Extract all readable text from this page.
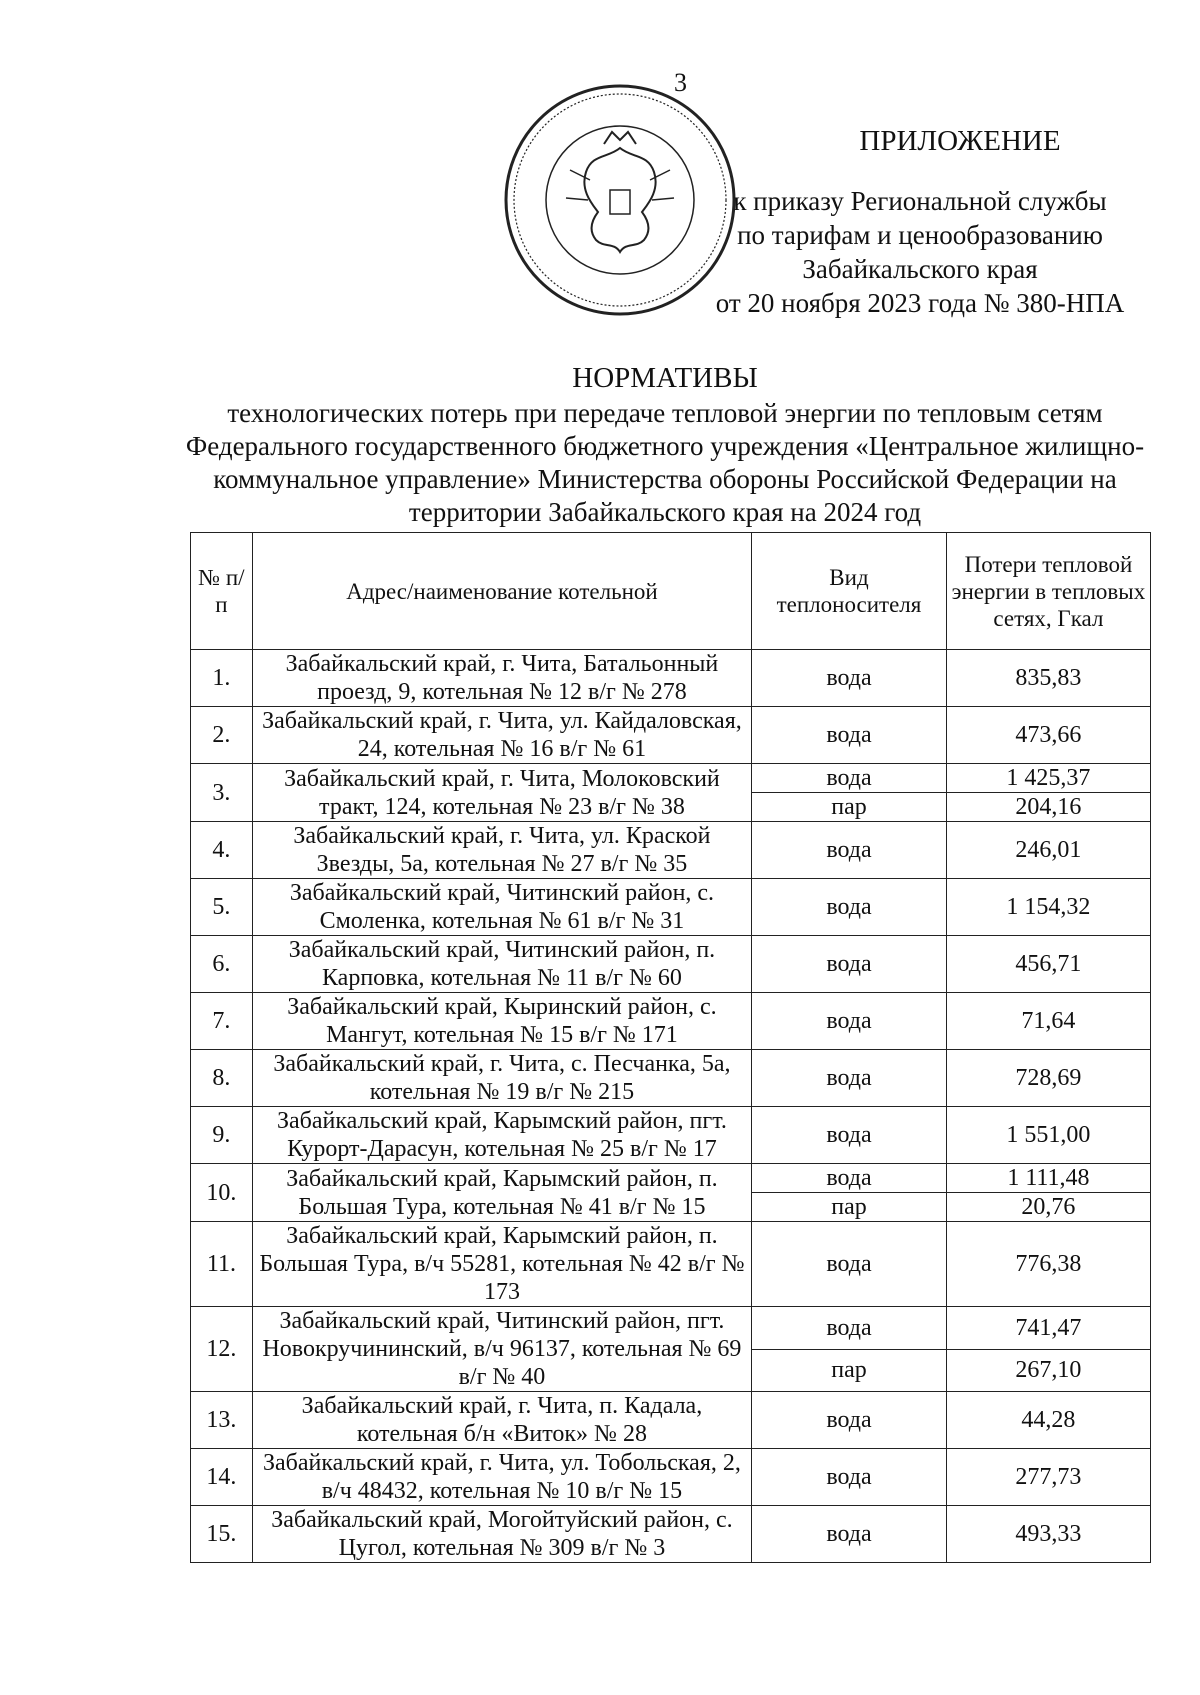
3
ПРИЛОЖЕНИЕ
к приказу Региональной службы
по тарифам и ценообразованию
Забайкальского края
от 20 ноября 2023 года № 380-НПА
НОРМАТИВЫ
технологических потерь при передаче тепловой энергии по тепловым сетям Федерального государственного бюджетного учреждения «Центральное жилищно-коммунальное управление» Министерства обороны Российской Федерации на территории Забайкальского края на 2024 год
№ п/п	Адрес/наименование котельной	Вид теплоносителя	Потери тепловой энергии в тепловых сетях, Гкал
1.	Забайкальский край, г. Чита, Батальонный проезд, 9, котельная № 12 в/г № 278	вода	835,83
2.	Забайкальский край, г. Чита, ул. Кайдаловская, 24, котельная № 16 в/г № 61	вода	473,66
3.	Забайкальский край, г. Чита, Молоковский тракт, 124, котельная № 23 в/г № 38	вода	1 425,37
		пар	204,16
4.	Забайкальский край, г. Чита, ул. Краской Звезды, 5а, котельная № 27 в/г № 35	вода	246,01
5.	Забайкальский край, Читинский район, с. Смоленка, котельная № 61 в/г № 31	вода	1 154,32
6.	Забайкальский край, Читинский район, п. Карповка, котельная № 11 в/г № 60	вода	456,71
7.	Забайкальский край, Кыринский район, с. Мангут, котельная № 15 в/г № 171	вода	71,64
8.	Забайкальский край, г. Чита, с. Песчанка, 5а, котельная № 19 в/г № 215	вода	728,69
9.	Забайкальский край, Карымский район, пгт. Курорт-Дарасун, котельная № 25 в/г № 17	вода	1 551,00
10.	Забайкальский край, Карымский район, п. Большая Тура, котельная № 41 в/г № 15	вода	1 111,48
		пар	20,76
11.	Забайкальский край, Карымский район, п. Большая Тура, в/ч 55281, котельная № 42 в/г № 173	вода	776,38
12.	Забайкальский край, Читинский район, пгт. Новокручининский, в/ч 96137, котельная № 69 в/г № 40	вода	741,47
		пар	267,10
13.	Забайкальский край, г. Чита, п. Кадала, котельная б/н «Виток» № 28	вода	44,28
14.	Забайкальский край, г. Чита, ул. Тобольская, 2, в/ч 48432, котельная № 10 в/г № 15	вода	277,73
15.	Забайкальский край, Могойтуйский район, с. Цугол, котельная № 309 в/г № 3	вода	493,33
